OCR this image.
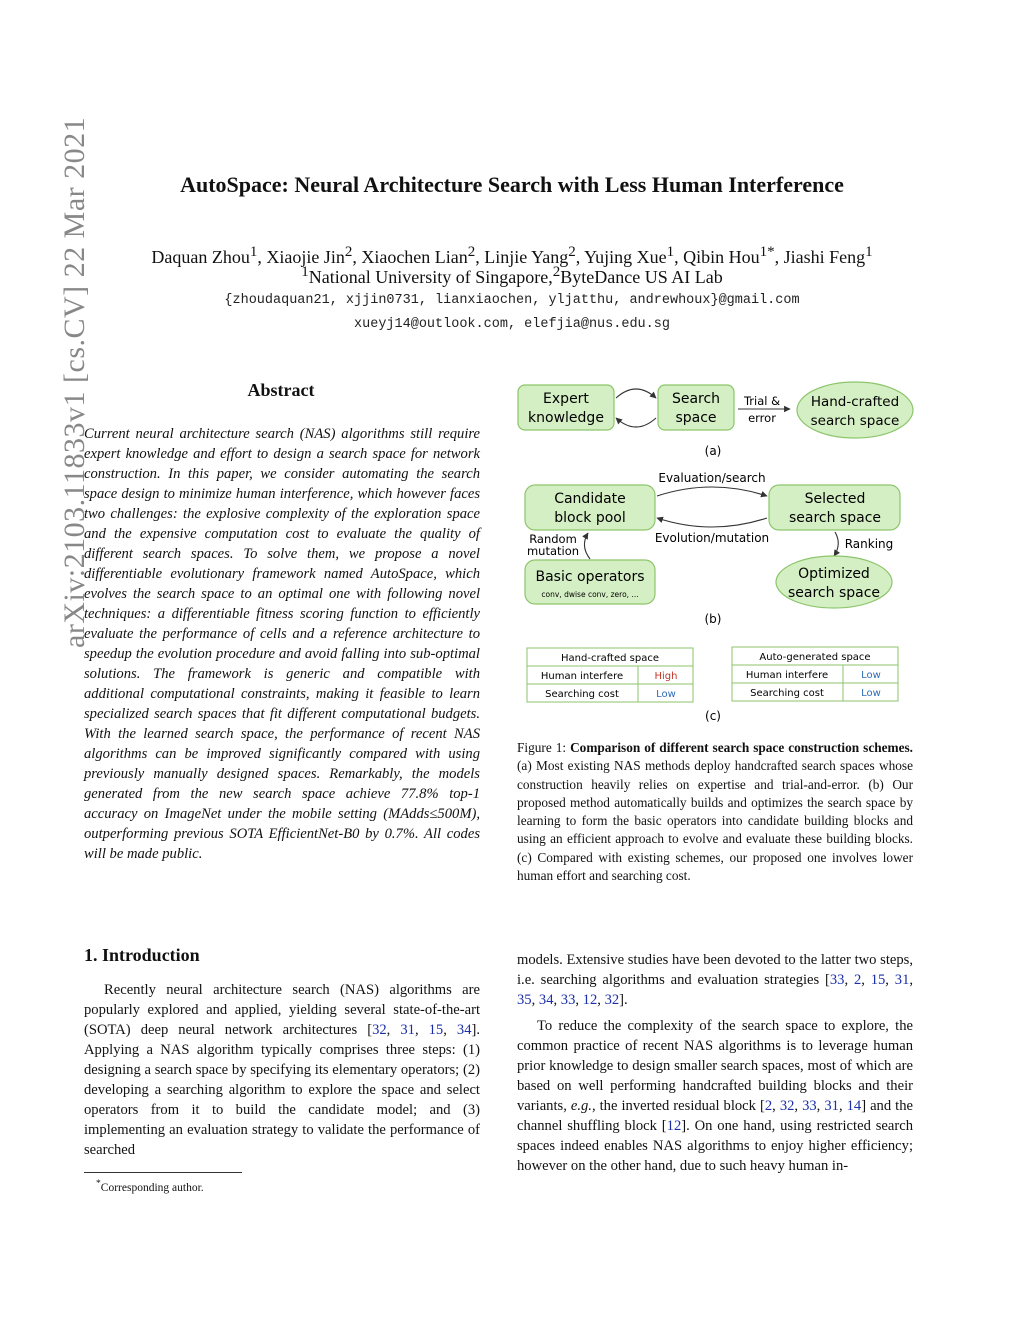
AutoSpace: Neural Architecture Search with Less Human Interference
Daquan Zhou$^1$, Xiaojie Jin$^2$, Xiaochen Lian$^2$, Linjie Yang$^2$, Yujing Xue$^1$, Qibin Hou$^{1*}$, Jiashi Feng$^1$
$^1$National University of Singapore,$^2$ByteDance US AI Lab
{zhoudaquan21, xjjin0731, lianxiaochen, yljatthu, andrewhoux}@gmail.com
xueyj14@outlook.com, elefjia@nus.edu.sg
arXiv:2103.11833v1 [cs.CV] 22 Mar 2021	Abstract
Current neural architecture search (NAS) algorithms still require expert knowledge and effort to design a search space for network construction. In this paper, we consider automating the search space design to minimize human interference, which however faces two challenges: the explosive complexity of the exploration space and the expensive computation cost to evaluate the quality of different search spaces. To solve them, we propose a novel differentiable evolutionary framework named AutoSpace, which evolves the search space to an optimal one with following novel techniques: a differentiable fitness scoring function to efficiently evaluate the performance of cells and a reference architecture to speedup the evolution procedure and avoid falling into sub-optimal solutions. The framework is generic and compatible with additional computational constraints, making it feasible to learn specialized search spaces that fit different computational budgets. With the learned search space, the performance of recent NAS algorithms can be improved significantly compared with using previously manually designed spaces. Remarkably, the models generated from the new search space achieve 77.8% top-1 accuracy on ImageNet under the mobile setting (MAdds≤500M), outperforming previous SOTA EfficientNet-B0 by 0.7%. All codes will be made public.
Expert
knowledge
Search
space
Trial &
error
Hand-crafted
search space
(a)
Evaluation/search
Candidate
block pool
Selected
search space
Evolution/mutation
Random
mutation
Basic operators
conv, dwise conv, zero, ...
Ranking
Optimized
search space
(b)
Hand-crafted space
Human interfere	High
Searching cost	Low
Auto-generated space
Human interfere	Low
Searching cost	Low
(c)
Figure 1: Comparison of different search space construction schemes. (a) Most existing NAS methods deploy handcrafted search spaces whose construction heavily relies on expertise and trial-and-error. (b) Our proposed method automatically builds and optimizes the search space by learning to form the basic operators into candidate building blocks and using an efficient approach to evolve and evaluate these building blocks. (c) Compared with existing schemes, our proposed one involves lower human effort and searching cost.
1. Introduction

Recently neural architecture search (NAS) algorithms are popularly explored and applied, yielding several state-of-the-art (SOTA) deep neural network architectures [32, 31, 15, 34]. Applying a NAS algorithm typically comprises three steps: (1) designing a search space by specifying its elementary operators; (2) developing a searching algorithm to explore the space and select operators from it to build the candidate model; and (3) implementing an evaluation strategy to validate the performance of searched

models. Extensive studies have been devoted to the latter two steps, i.e. searching algorithms and evaluation strategies [33, 2, 15, 31, 35, 34, 33, 12, 32].

To reduce the complexity of the search space to explore, the common practice of recent NAS algorithms is to leverage human prior knowledge to design smaller search spaces, most of which are based on well performing handcrafted building blocks and their variants, e.g., the inverted residual block [2, 32, 33, 31, 14] and the channel shuffling block [12]. On one hand, using restricted search spaces indeed enables NAS algorithms to enjoy higher efficiency; however on the other hand, due to such heavy human in-

*Corresponding author.
